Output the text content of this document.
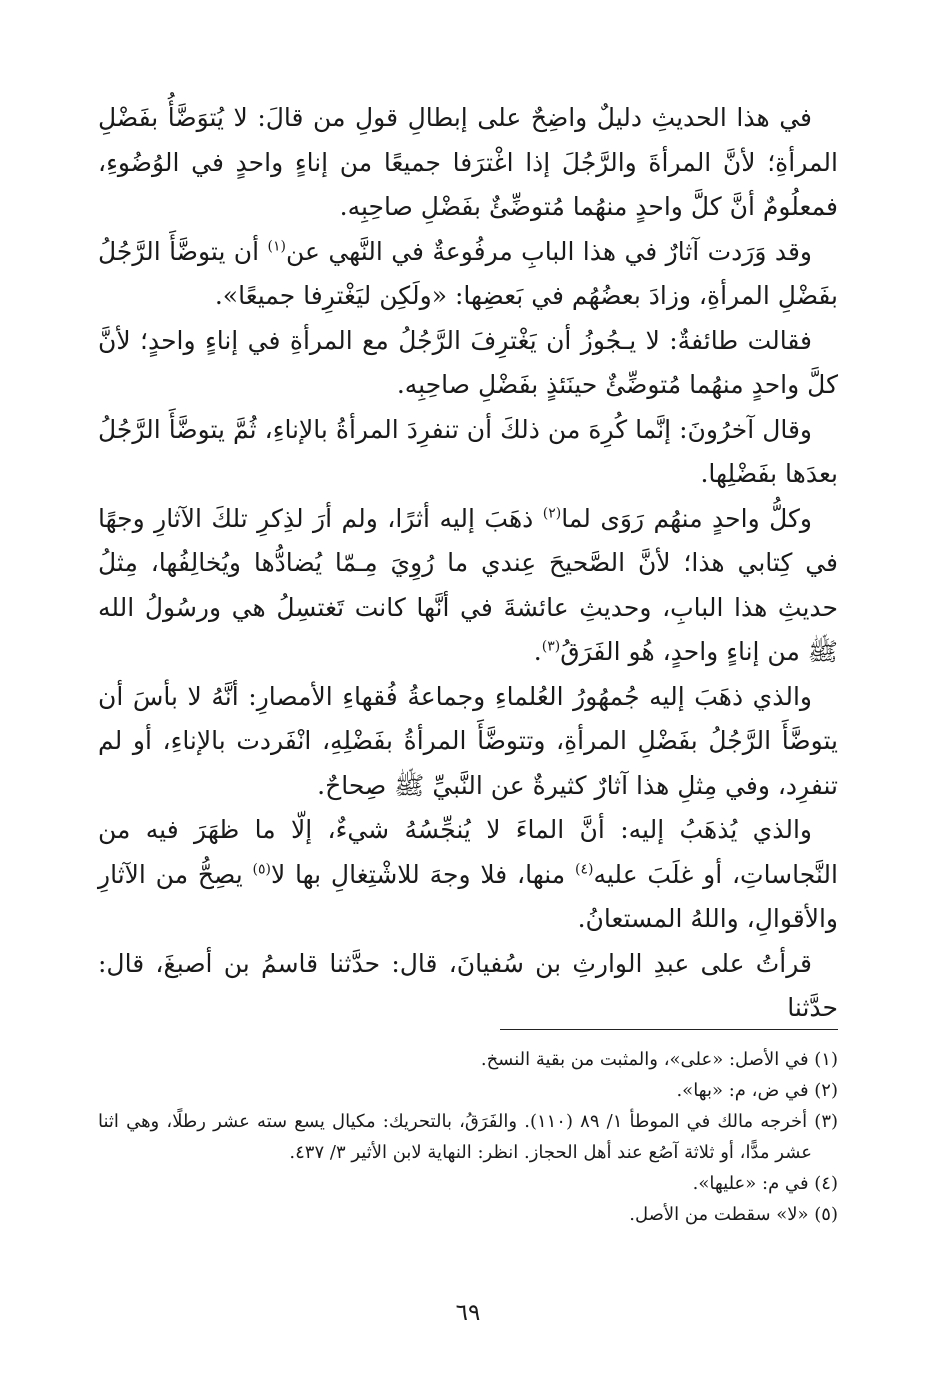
في هذا الحديثِ دليلٌ واضِحٌ على إبطالِ قولِ من قالَ: لا يُتوَضَّأُ بفَضْلِ المرأةِ؛ لأنَّ المرأةَ والرَّجُلَ إذا اغْترَفا جميعًا من إناءٍ واحدٍ في الوُضُوءِ، فمعلُومٌ أنَّ كلَّ واحدٍ منهُما مُتوضِّئٌ بفَضْلِ صاحِبِه.

وقد وَرَدت آثارٌ في هذا البابِ مرفُوعةٌ في النَّهي عن$^{(١)}$ أن يتوضَّأَ الرَّجُلُ بفَضْلِ المرأةِ، وزادَ بعضُهُم في بَعضِها: «ولَكِن ليَغْترِفا جميعًا».

فقالت طائفةٌ: لا يـجُوزُ أن يَغْترِفَ الرَّجُلُ مع المرأةِ في إناءٍ واحدٍ؛ لأنَّ كلَّ واحدٍ منهُما مُتوضِّئٌ حينَئذٍ بفَضْلِ صاحِبِه.

وقال آخرُونَ: إنَّما كُرِهَ من ذلكَ أن تنفرِدَ المرأةُ بالإناءِ، ثُمَّ يتوضَّأَ الرَّجُلُ بعدَها بفَضْلِها.

وكلُّ واحدٍ منهُم رَوَى لما$^{(٢)}$ ذهَبَ إليه أثرًا، ولم أرَ لذِكرِ تلكَ الآثارِ وجهًا في كِتابي هذا؛ لأنَّ الصَّحيحَ عِندي ما رُوِيَ مِـمّا يُضادُّها ويُخالِفُها، مِثلُ حديثِ هذا البابِ، وحديثِ عائشةَ في أنَّها كانت تَغتسِلُ هي ورسُولُ الله ﷺ من إناءٍ واحدٍ، هُو الفَرَقُ$^{(٣)}$.

والذي ذهَبَ إليه جُمهُورُ العُلماءِ وجماعةُ فُقهاءِ الأمصارِ: أنَّهُ لا بأسَ أن يتوضَّأَ الرَّجُلُ بفَضْلِ المرأةِ، وتتوضَّأَ المرأةُ بفَضْلِهِ، انْفَردت بالإناءِ، أو لم تنفرِد، وفي مِثلِ هذا آثارٌ كثيرةٌ عن النَّبيِّ ﷺ صِحاحٌ.

والذي يُذهَبُ إليه: أنَّ الماءَ لا يُنجِّسُهُ شيءٌ، إلّا ما ظهَرَ فيه من النَّجاساتِ، أو غلَبَ عليه$^{(٤)}$ منها، فلا وجهَ للاشْتِغالِ بها لا$^{(٥)}$ يصِحُّ من الآثارِ والأقوالِ، واللهُ المستعانُ.

قرأتُ على عبدِ الوارثِ بن سُفيانَ، قال: حدَّثنا قاسمُ بن أصبغَ، قال: حدَّثنا

(١) في الأصل: «على»، والمثبت من بقية النسخ.

(٢) في ض، م: «بها».

(٣) أخرجه مالك في الموطأ ١/ ٨٩ (١١٠). والفَرَقُ، بالتحريك: مكيال يسع سته عشر رطلًا، وهي اثنا عشر مدًّا، أو ثلاثة آصُع عند أهل الحجاز. انظر: النهاية لابن الأثير ٣/ ٤٣٧.

(٤) في م: «عليها».

(٥) «لا» سقطت من الأصل.

٦٩
